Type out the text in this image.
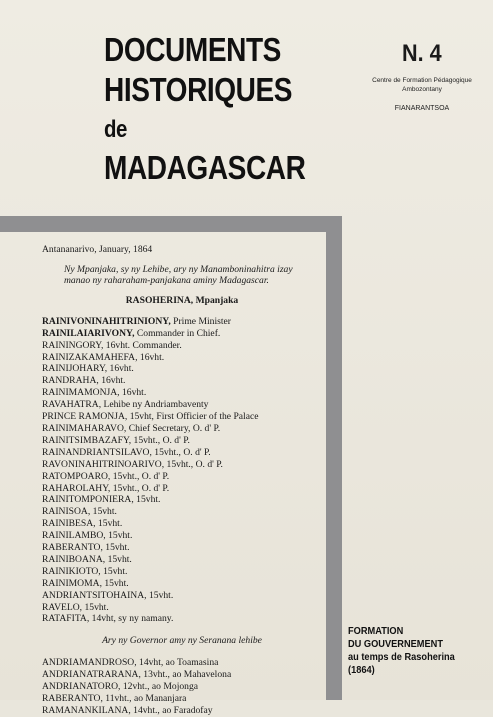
DOCUMENTS
HISTORIQUES
de
MADAGASCAR
N. 4
Centre de Formation Pédagogique
Ambozontany
FIANARANTSOA
Antananarivo, January, 1864
Ny Mpanjaka, sy ny Lehibe, ary ny Manamboninahitra izay
manao ny raharaham-panjakana aminy Madagascar.
RASOHERINA, Mpanjaka
RAINIVONINAHITRINIONY, Prime Minister
RAINILAIARIVONY, Commander in Chief.
RAININGORY, 16vht. Commander.
RAINIZAKAMAHEFA, 16vht.
RAINIJOHARY, 16vht.
RANDRAHA, 16vht.
RAINIMAMONJA, 16vht.
RAVAHATRA, Lehibe ny Andriambaventy
PRINCE RAMONJA, 15vht, First Officier of the Palace
RAINIMAHARAVO, Chief Secretary, O. d' P.
RAINITSIMBAZAFY, 15vht., O. d' P.
RAINANDRIANTSILAVO, 15vht., O. d' P.
RAVONINAHITRINOARIVO, 15vht., O. d' P.
RATOMPOARO, 15vht., O. d' P.
RAHAROLAHY, 15vht., O. d' P.
RAINITOMPONIERA, 15vht.
RAINISOA, 15vht.
RAINIBESA, 15vht.
RAINILAMBO, 15vht.
RABERANTO, 15vht.
RAINIBOANA, 15vht.
RAINIKIOTO, 15vht.
RAINIMOMA, 15vht.
ANDRIANTSITOHAINA, 15vht.
RAVELO, 15vht.
RATAFITA, 14vht, sy ny namany.
Ary ny Governor amy ny Seranana lehibe
ANDRIAMANDROSO, 14vht, ao Toamasina
ANDRIANATRARANA, 13vht., ao Mahavelona
ANDRIANATORO, 12vht., ao Mojonga
RABERANTO, 11vht., ao Mananjara
RAMANANKILANA, 14vht., ao Faradofay
FORMATION
DU GOUVERNEMENT
au temps de Rasoherina
(1864)
